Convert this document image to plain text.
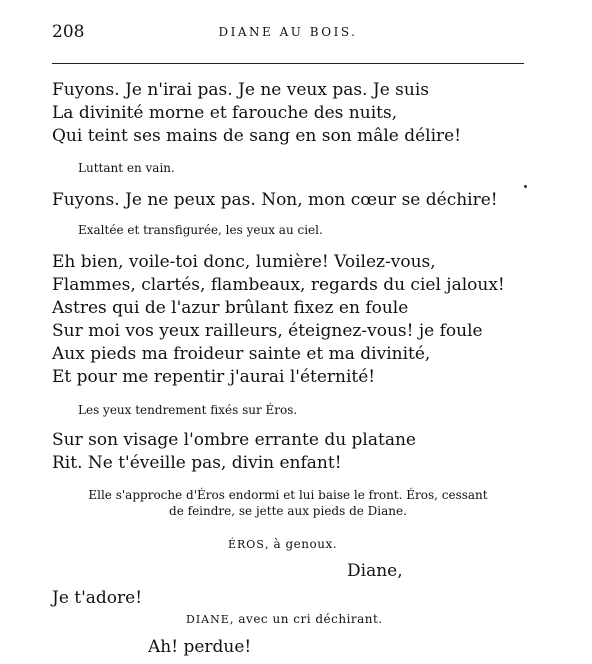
208	DIANE AU BOIS.
Fuyons. Je n'irai pas. Je ne veux pas. Je suis
La divinité morne et farouche des nuits,
Qui teint ses mains de sang en son mâle délire!
Luttant en vain.
Fuyons. Je ne peux pas. Non, mon cœur se déchire!
Exaltée et transfigurée, les yeux au ciel.
Eh bien, voile-toi donc, lumière! Voilez-vous,
Flammes, clartés, flambeaux, regards du ciel jaloux!
Astres qui de l'azur brûlant fixez en foule
Sur moi vos yeux railleurs, éteignez-vous! je foule
Aux pieds ma froideur sainte et ma divinité,
Et pour me repentir j'aurai l'éternité!
Les yeux tendrement fixés sur Éros.
Sur son visage l'ombre errante du platane
Rit. Ne t'éveille pas, divin enfant!
Elle s'approche d'Éros endormi et lui baise le front. Éros, cessant
de feindre, se jette aux pieds de Diane.
ÉROS, à genoux.
Diane,
Je t'adore!
DIANE, avec un cri déchirant.
Ah! perdue!
